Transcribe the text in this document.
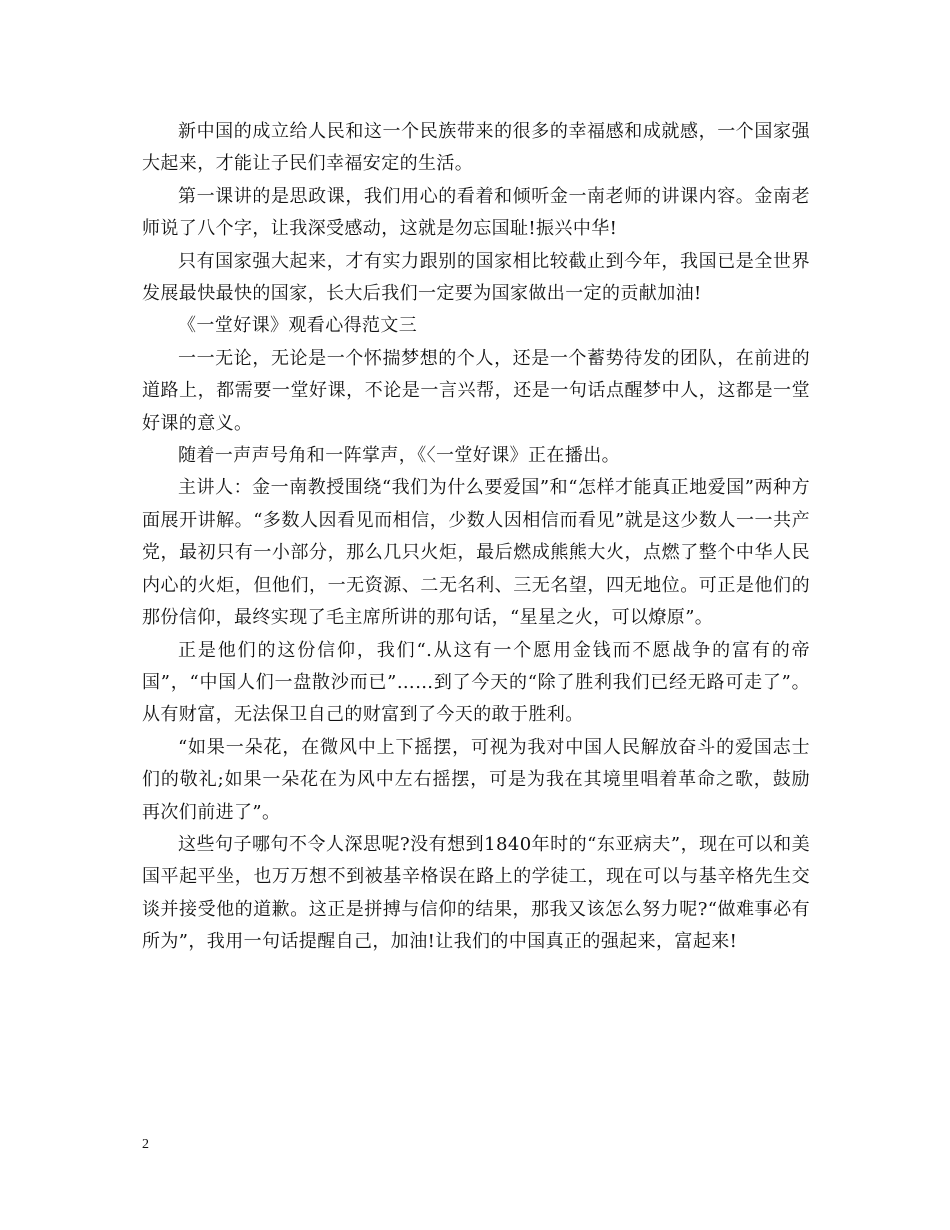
新中国的成立给人民和这一个民族带来的很多的幸福感和成就感，一个国家强大起来，才能让子民们幸福安定的生活。

第一课讲的是思政课，我们用心的看着和倾听金一南老师的讲课内容。金南老师说了八个字，让我深受感动，这就是勿忘国耻!振兴中华!

只有国家强大起来，才有实力跟别的国家相比较截止到今年，我国已是全世界发展最快最快的国家，长大后我们一定要为国家做出一定的贡献加油!

《一堂好课》观看心得范文三

一一无论，无论是一个怀揣梦想的个人，还是一个蓄势待发的团队，在前进的道路上，都需要一堂好课，不论是一言兴帮，还是一句话点醒梦中人，这都是一堂好课的意义。

随着一声声号角和一阵掌声，《〈一堂好课》正在播出。

主讲人：金一南教授围绕“我们为什么要爱国”和“怎样才能真正地爱国”两种方面展开讲解。“多数人因看见而相信，少数人因相信而看见”就是这少数人一一共产党，最初只有一小部分，那么几只火炬，最后燃成熊熊大火，点燃了整个中华人民内心的火炬，但他们，一无资源、二无名利、三无名望，四无地位。可正是他们的那份信仰，最终实现了毛主席所讲的那句话，“星星之火，可以燎原”。

正是他们的这份信仰，我们“.从这有一个愿用金钱而不愿战争的富有的帝国”，“中国人们一盘散沙而已”……到了今天的“除了胜利我们已经无路可走了”。从有财富，无法保卫自己的财富到了今天的敢于胜利。

“如果一朵花，在微风中上下摇摆，可视为我对中国人民解放奋斗的爱国志士们的敬礼;如果一朵花在为风中左右摇摆，可是为我在其境里唱着革命之歌，鼓励再次们前进了”。

这些句子哪句不令人深思呢?没有想到1840年时的“东亚病夫”，现在可以和美国平起平坐，也万万想不到被基辛格误在路上的学徒工，现在可以与基辛格先生交谈并接受他的道歉。这正是拼搏与信仰的结果，那我又该怎么努力呢?“做难事必有所为”，我用一句话提醒自己，加油!让我们的中国真正的强起来，富起来!

2
